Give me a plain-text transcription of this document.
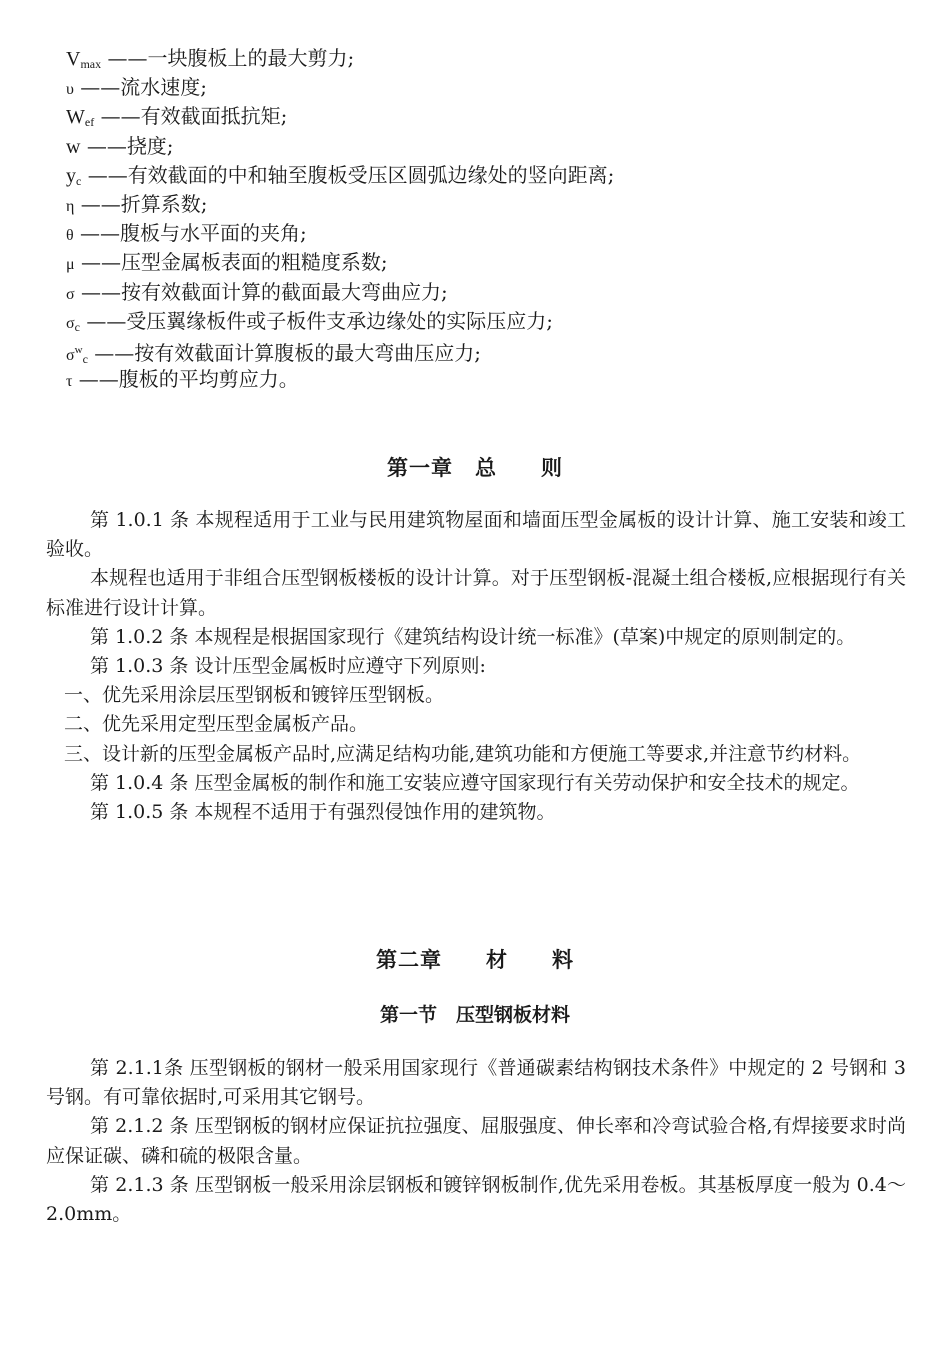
$V_{max}$ ——一块腹板上的最大剪力;
υ ——流水速度;
$W_{ef}$ ——有效截面抵抗矩;
w ——挠度;
$y_c$ ——有效截面的中和轴至腹板受压区圆弧边缘处的竖向距离;
η ——折算系数;
θ ——腹板与水平面的夹角;
μ ——压型金属板表面的粗糙度系数;
σ ——按有效截面计算的截面最大弯曲应力;
$\sigma_c$ ——受压翼缘板件或子板件支承边缘处的实际压应力;
$\sigma^w_c$ ——按有效截面计算腹板的最大弯曲压应力;
τ ——腹板的平均剪应力。
第一章　总　　则

第 1.0.1 条 本规程适用于工业与民用建筑物屋面和墙面压型金属板的设计计算、施工安装和竣工验收。

本规程也适用于非组合压型钢板楼板的设计计算。对于压型钢板-混凝土组合楼板,应根据现行有关标准进行设计计算。

第 1.0.2 条 本规程是根据国家现行《建筑结构设计统一标准》(草案)中规定的原则制定的。

第 1.0.3 条 设计压型金属板时应遵守下列原则:

一、优先采用涂层压型钢板和镀锌压型钢板。

二、优先采用定型压型金属板产品。

三、设计新的压型金属板产品时,应满足结构功能,建筑功能和方便施工等要求,并注意节约材料。

第 1.0.4 条 压型金属板的制作和施工安装应遵守国家现行有关劳动保护和安全技术的规定。

第 1.0.5 条 本规程不适用于有强烈侵蚀作用的建筑物。

第二章　　材　　料
第一节　压型钢板材料

第 2.1.1条 压型钢板的钢材一般采用国家现行《普通碳素结构钢技术条件》中规定的 2 号钢和 3 号钢。有可靠依据时,可采用其它钢号。

第 2.1.2 条 压型钢板的钢材应保证抗拉强度、屈服强度、伸长率和冷弯试验合格,有焊接要求时尚应保证碳、磷和硫的极限含量。

第 2.1.3 条 压型钢板一般采用涂层钢板和镀锌钢板制作,优先采用卷板。其基板厚度一般为 0.4～2.0mm。
